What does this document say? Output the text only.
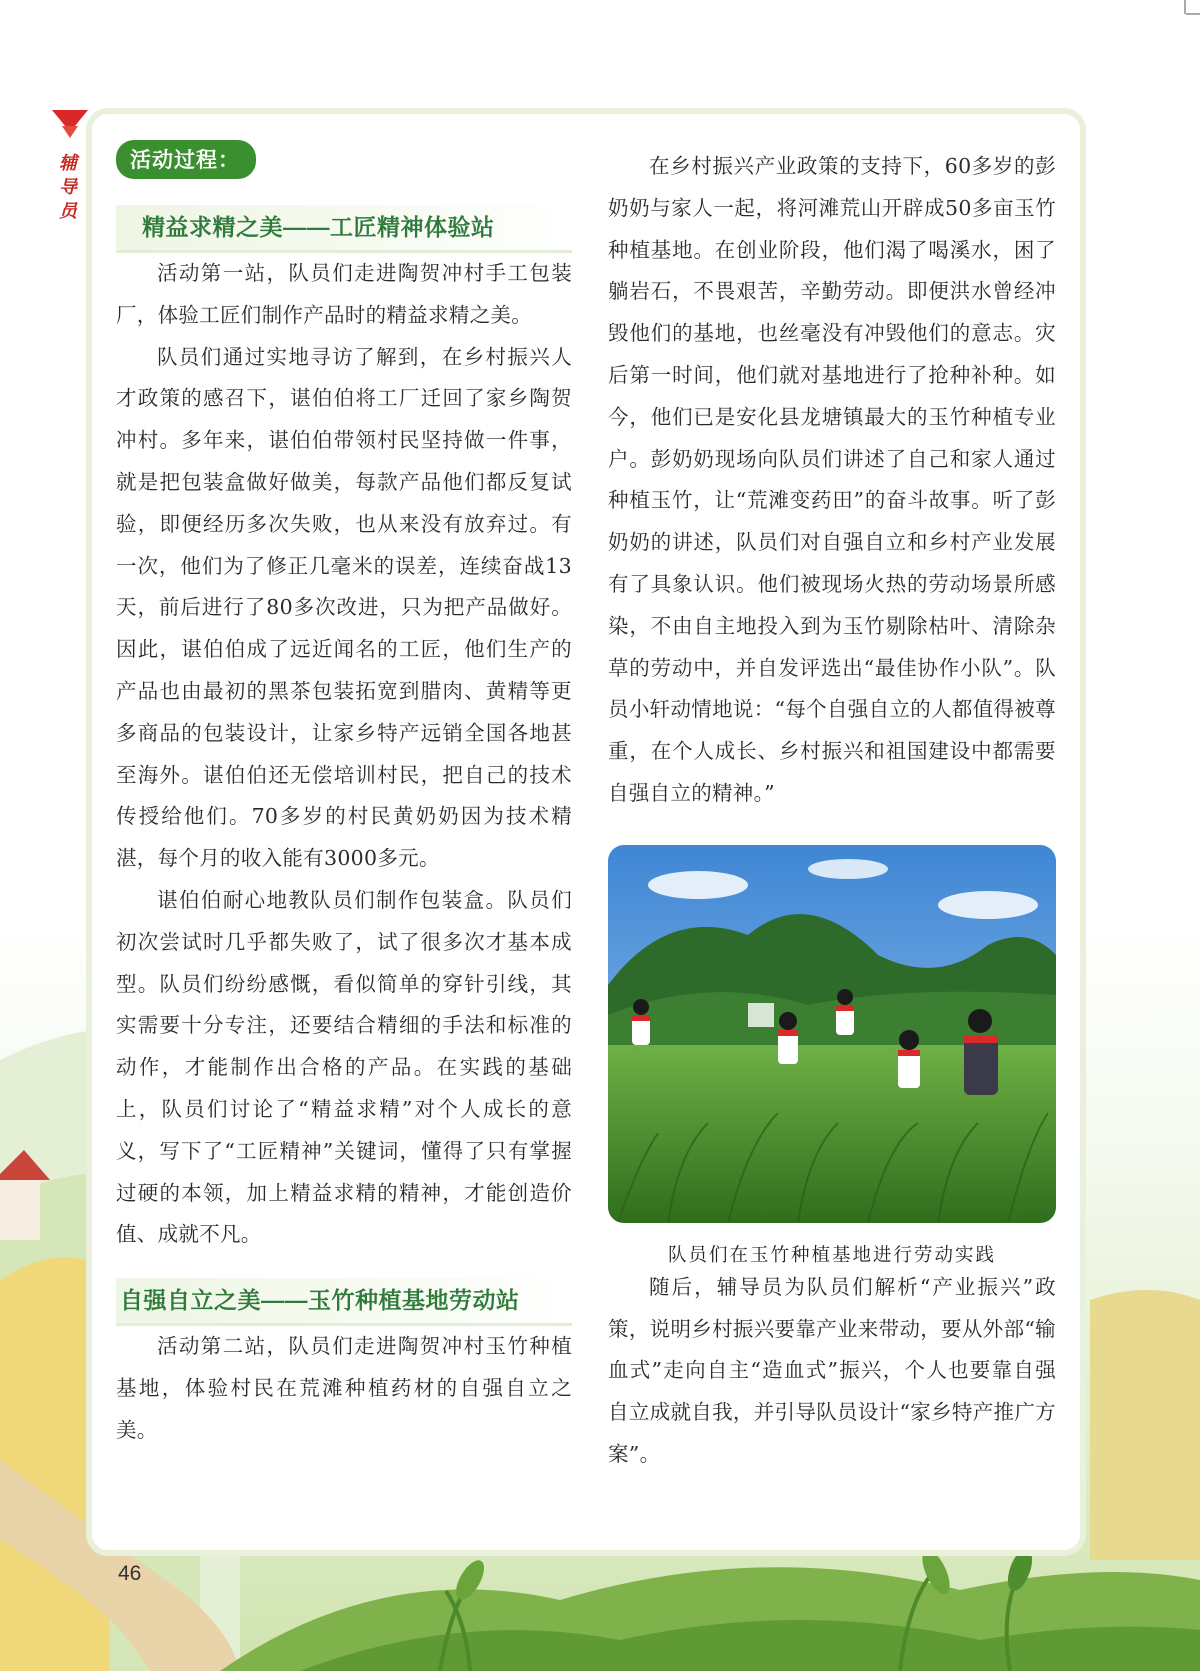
辅导员
活动过程：
精益求精之美——工匠精神体验站

活动第一站，队员们走进陶贺冲村手工包装厂，体验工匠们制作产品时的精益求精之美。

队员们通过实地寻访了解到，在乡村振兴人才政策的感召下，谌伯伯将工厂迁回了家乡陶贺冲村。多年来，谌伯伯带领村民坚持做一件事，就是把包装盒做好做美，每款产品他们都反复试验，即便经历多次失败，也从来没有放弃过。有一次，他们为了修正几毫米的误差，连续奋战13天，前后进行了80多次改进，只为把产品做好。因此，谌伯伯成了远近闻名的工匠，他们生产的产品也由最初的黑茶包装拓宽到腊肉、黄精等更多商品的包装设计，让家乡特产远销全国各地甚至海外。谌伯伯还无偿培训村民，把自己的技术传授给他们。70多岁的村民黄奶奶因为技术精湛，每个月的收入能有3000多元。

谌伯伯耐心地教队员们制作包装盒。队员们初次尝试时几乎都失败了，试了很多次才基本成型。队员们纷纷感慨，看似简单的穿针引线，其实需要十分专注，还要结合精细的手法和标准的动作，才能制作出合格的产品。在实践的基础上，队员们讨论了“精益求精”对个人成长的意义，写下了“工匠精神”关键词，懂得了只有掌握过硬的本领，加上精益求精的精神，才能创造价值、成就不凡。

自强自立之美——玉竹种植基地劳动站

活动第二站，队员们走进陶贺冲村玉竹种植基地，体验村民在荒滩种植药材的自强自立之美。

在乡村振兴产业政策的支持下，60多岁的彭奶奶与家人一起，将河滩荒山开辟成50多亩玉竹种植基地。在创业阶段，他们渴了喝溪水，困了躺岩石，不畏艰苦，辛勤劳动。即便洪水曾经冲毁他们的基地，也丝毫没有冲毁他们的意志。灾后第一时间，他们就对基地进行了抢种补种。如今，他们已是安化县龙塘镇最大的玉竹种植专业户。彭奶奶现场向队员们讲述了自己和家人通过种植玉竹，让“荒滩变药田”的奋斗故事。听了彭奶奶的讲述，队员们对自强自立和乡村产业发展有了具象认识。他们被现场火热的劳动场景所感染，不由自主地投入到为玉竹剔除枯叶、清除杂草的劳动中，并自发评选出“最佳协作小队”。队员小轩动情地说：“每个自强自立的人都值得被尊重，在个人成长、乡村振兴和祖国建设中都需要自强自立的精神。”

队员们在玉竹种植基地进行劳动实践

随后，辅导员为队员们解析“产业振兴”政策，说明乡村振兴要靠产业来带动，要从外部“输血式”走向自主“造血式”振兴，个人也要靠自强自立成就自我，并引导队员设计“家乡特产推广方案”。

46
